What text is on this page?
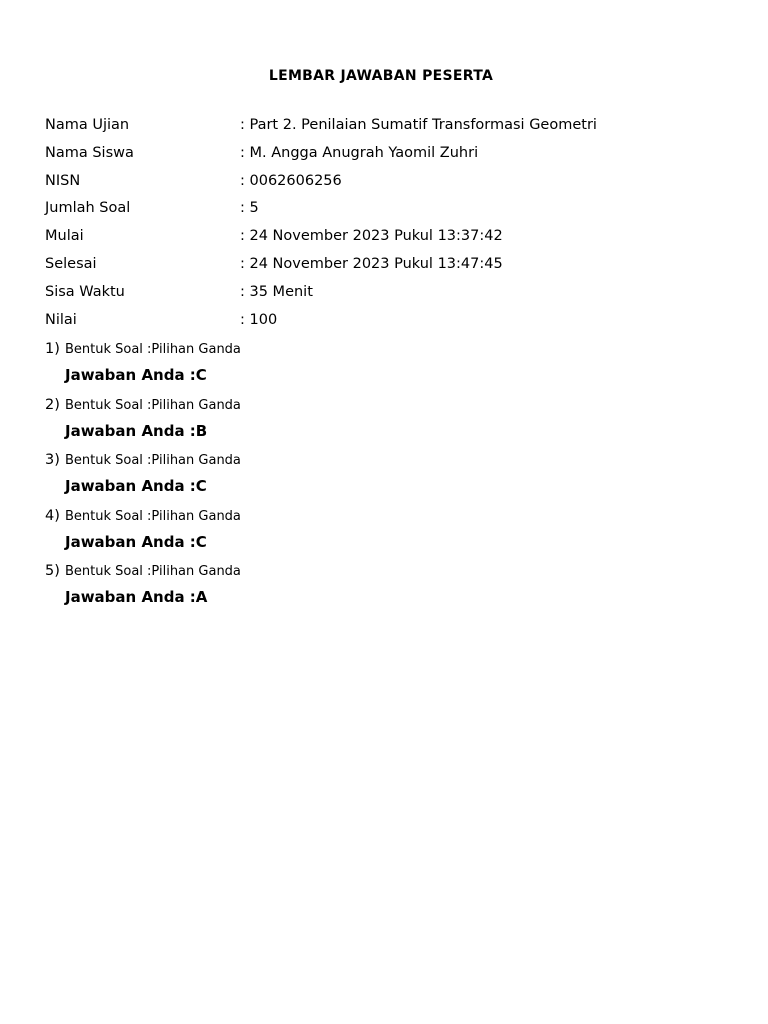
LEMBAR JAWABAN PESERTA
Nama Ujian	: Part 2. Penilaian Sumatif Transformasi Geometri
Nama Siswa	: M. Angga Anugrah Yaomil Zuhri
NISN	: 0062606256
Jumlah Soal	: 5
Mulai	: 24 November 2023 Pukul 13:37:42
Selesai	: 24 November 2023 Pukul 13:47:45
Sisa Waktu	: 35 Menit
Nilai	: 100
1) Bentuk Soal :Pilihan Ganda
Jawaban Anda :C
2) Bentuk Soal :Pilihan Ganda
Jawaban Anda :B
3) Bentuk Soal :Pilihan Ganda
Jawaban Anda :C
4) Bentuk Soal :Pilihan Ganda
Jawaban Anda :C
5) Bentuk Soal :Pilihan Ganda
Jawaban Anda :A
